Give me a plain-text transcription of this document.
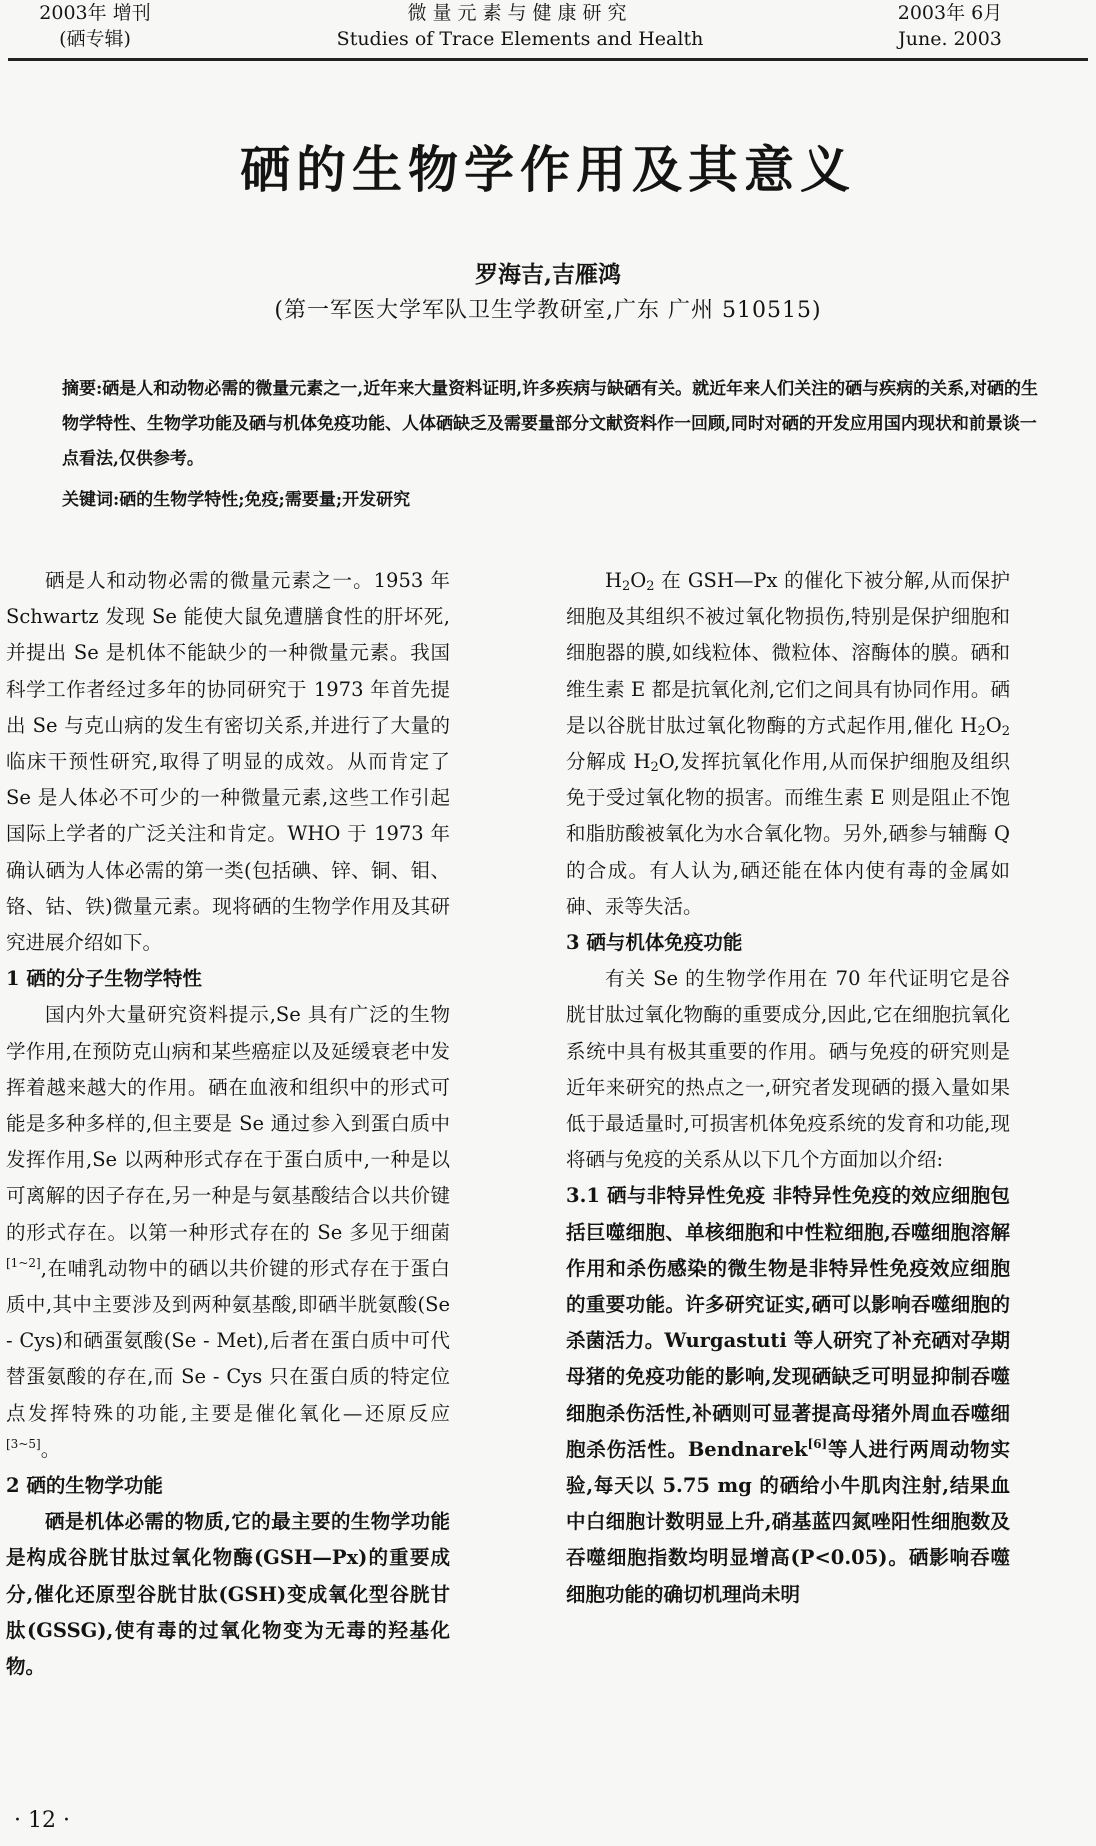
2003年 增刊
(硒专辑)
微量元素与健康研究
Studies of Trace Elements and Health
2003年 6月
June. 2003
硒的生物学作用及其意义
罗海吉,吉雁鸿
(第一军医大学军队卫生学教研室,广东 广州 510515)

摘要:硒是人和动物必需的微量元素之一,近年来大量资料证明,许多疾病与缺硒有关。就近年来人们关注的硒与疾病的关系,对硒的生物学特性、生物学功能及硒与机体免疫功能、人体硒缺乏及需要量部分文献资料作一回顾,同时对硒的开发应用国内现状和前景谈一点看法,仅供参考。

关键词:硒的生物学特性;免疫;需要量;开发研究

硒是人和动物必需的微量元素之一。1953 年 Schwartz 发现 Se 能使大鼠免遭膳食性的肝坏死,并提出 Se 是机体不能缺少的一种微量元素。我国科学工作者经过多年的协同研究于 1973 年首先提出 Se 与克山病的发生有密切关系,并进行了大量的临床干预性研究,取得了明显的成效。从而肯定了 Se 是人体必不可少的一种微量元素,这些工作引起国际上学者的广泛关注和肯定。WHO 于 1973 年确认硒为人体必需的第一类(包括碘、锌、铜、钼、铬、钴、铁)微量元素。现将硒的生物学作用及其研究进展介绍如下。

1 硒的分子生物学特性

国内外大量研究资料提示,Se 具有广泛的生物学作用,在预防克山病和某些癌症以及延缓衰老中发挥着越来越大的作用。硒在血液和组织中的形式可能是多种多样的,但主要是 Se 通过参入到蛋白质中发挥作用,Se 以两种形式存在于蛋白质中,一种是以可离解的因子存在,另一种是与氨基酸结合以共价键的形式存在。以第一种形式存在的 Se 多见于细菌[1~2],在哺乳动物中的硒以共价键的形式存在于蛋白质中,其中主要涉及到两种氨基酸,即硒半胱氨酸(Se - Cys)和硒蛋氨酸(Se - Met),后者在蛋白质中可代替蛋氨酸的存在,而 Se - Cys 只在蛋白质的特定位点发挥特殊的功能,主要是催化氧化—还原反应[3~5]。

2 硒的生物学功能

硒是机体必需的物质,它的最主要的生物学功能是构成谷胱甘肽过氧化物酶(GSH—Px)的重要成分,催化还原型谷胱甘肽(GSH)变成氧化型谷胱甘肽(GSSG),使有毒的过氧化物变为无毒的羟基化物。

$H_2O_2$ 在 GSH—Px 的催化下被分解,从而保护细胞及其组织不被过氧化物损伤,特别是保护细胞和细胞器的膜,如线粒体、微粒体、溶酶体的膜。硒和维生素 E 都是抗氧化剂,它们之间具有协同作用。硒是以谷胱甘肽过氧化物酶的方式起作用,催化 $H_2O_2$ 分解成 $H_2O$,发挥抗氧化作用,从而保护细胞及组织免于受过氧化物的损害。而维生素 E 则是阻止不饱和脂肪酸被氧化为水合氧化物。另外,硒参与辅酶 Q 的合成。有人认为,硒还能在体内使有毒的金属如砷、汞等失活。

3 硒与机体免疫功能

有关 Se 的生物学作用在 70 年代证明它是谷胱甘肽过氧化物酶的重要成分,因此,它在细胞抗氧化系统中具有极其重要的作用。硒与免疫的研究则是近年来研究的热点之一,研究者发现硒的摄入量如果低于最适量时,可损害机体免疫系统的发育和功能,现将硒与免疫的关系从以下几个方面加以介绍:

3.1 硒与非特异性免疫 非特异性免疫的效应细胞包括巨噬细胞、单核细胞和中性粒细胞,吞噬细胞溶解作用和杀伤感染的微生物是非特异性免疫效应细胞的重要功能。许多研究证实,硒可以影响吞噬细胞的杀菌活力。Wurgastuti 等人研究了补充硒对孕期母猪的免疫功能的影响,发现硒缺乏可明显抑制吞噬细胞杀伤活性,补硒则可显著提高母猪外周血吞噬细胞杀伤活性。Bendnarek[6]等人进行两周动物实验,每天以 5.75 mg 的硒给小牛肌肉注射,结果血中白细胞计数明显上升,硝基蓝四氮唑阳性细胞数及吞噬细胞指数均明显增高(P<0.05)。硒影响吞噬细胞功能的确切机理尚未明

· 12 ·
